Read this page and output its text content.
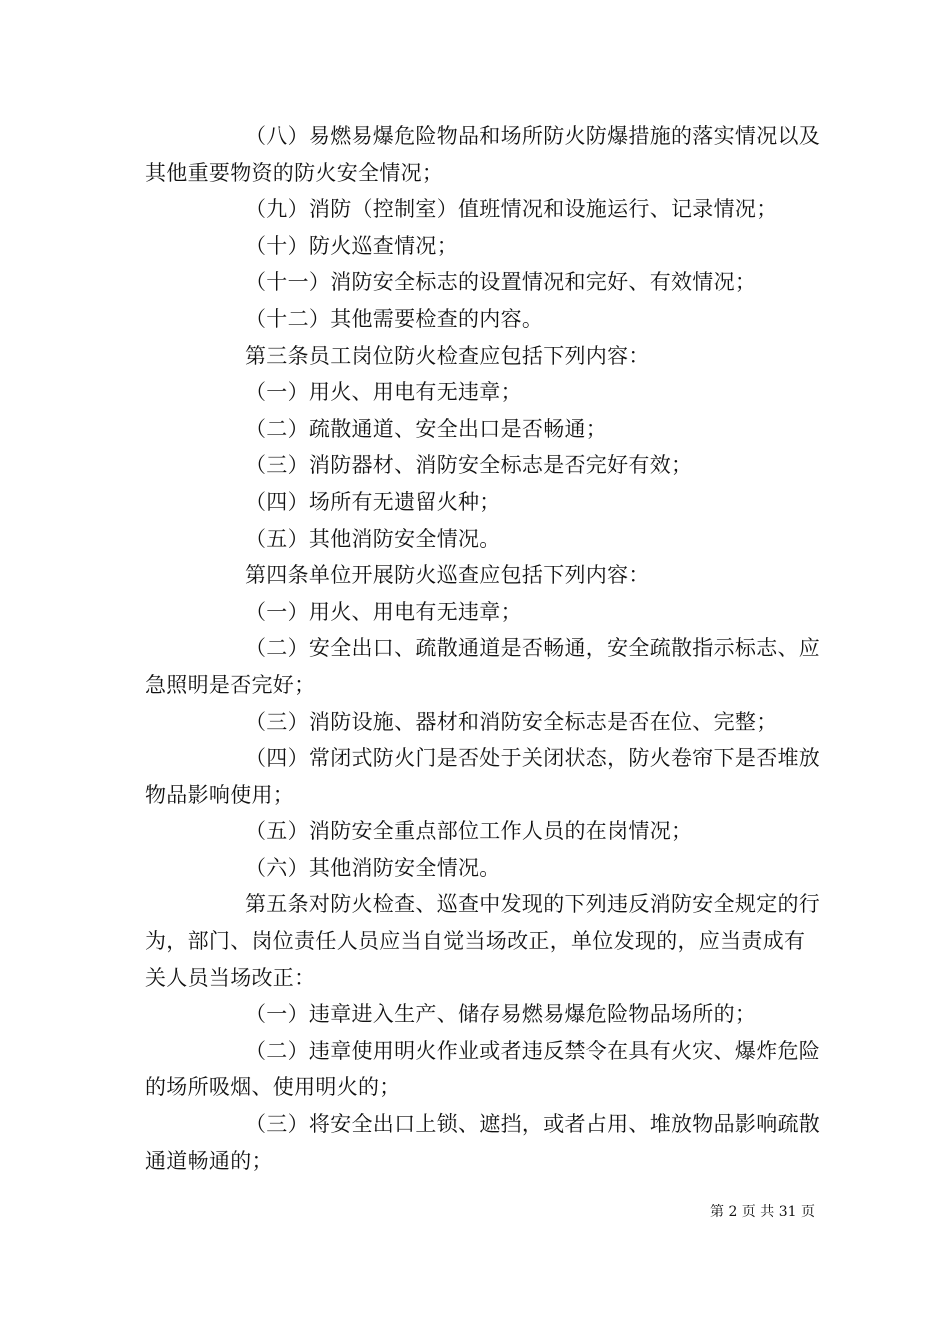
（八）易燃易爆危险物品和场所防火防爆措施的落实情况以及其他重要物资的防火安全情况；

（九）消防（控制室）值班情况和设施运行、记录情况；

（十）防火巡查情况；

（十一）消防安全标志的设置情况和完好、有效情况；

（十二）其他需要检查的内容。

第三条员工岗位防火检查应包括下列内容：

（一）用火、用电有无违章；

（二）疏散通道、安全出口是否畅通；

（三）消防器材、消防安全标志是否完好有效；

（四）场所有无遗留火种；

（五）其他消防安全情况。

第四条单位开展防火巡查应包括下列内容：

（一）用火、用电有无违章；

（二）安全出口、疏散通道是否畅通，安全疏散指示标志、应急照明是否完好；

（三）消防设施、器材和消防安全标志是否在位、完整；

（四）常闭式防火门是否处于关闭状态，防火卷帘下是否堆放物品影响使用；

（五）消防安全重点部位工作人员的在岗情况；

（六）其他消防安全情况。

第五条对防火检查、巡查中发现的下列违反消防安全规定的行为，部门、岗位责任人员应当自觉当场改正，单位发现的，应当责成有关人员当场改正：

（一）违章进入生产、储存易燃易爆危险物品场所的；

（二）违章使用明火作业或者违反禁令在具有火灾、爆炸危险的场所吸烟、使用明火的；

（三）将安全出口上锁、遮挡，或者占用、堆放物品影响疏散通道畅通的；

第 2 页 共 31 页
